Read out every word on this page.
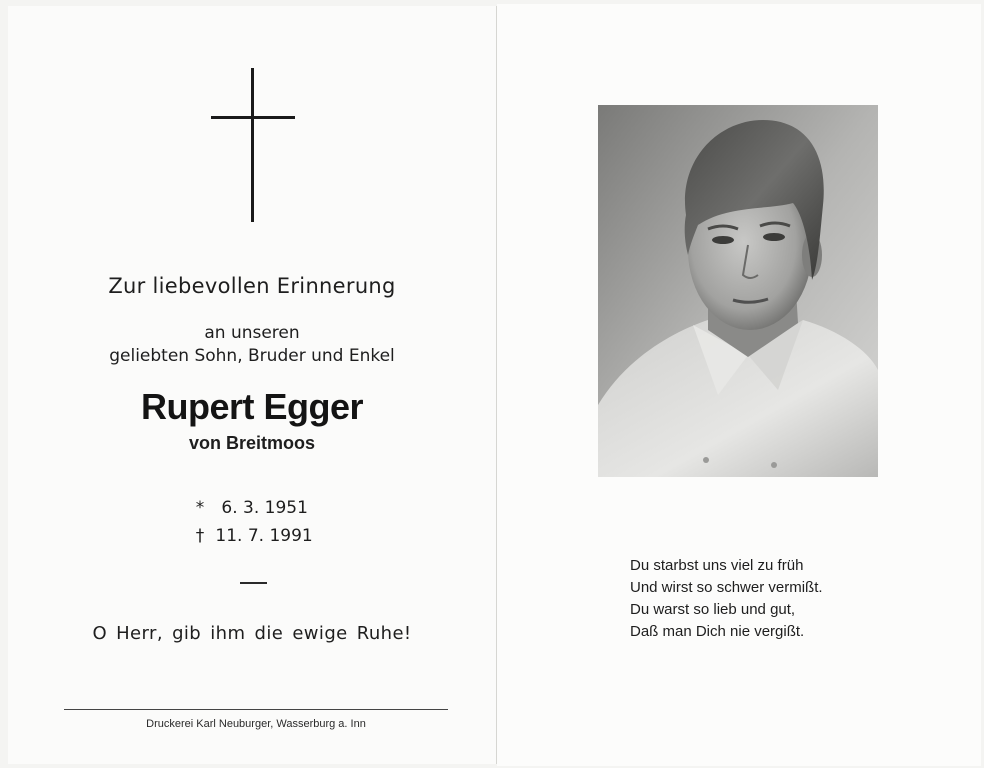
Zur liebevollen Erinnerung
an unseren
geliebten Sohn, Bruder und Enkel
Rupert Egger
von Breitmoos
* 6. 3. 1951
† 11. 7. 1991
O Herr, gib ihm die ewige Ruhe!
Druckerei Karl Neuburger, Wasserburg a. Inn
Du starbst uns viel zu früh
Und wirst so schwer vermißt.
Du warst so lieb und gut,
Daß man Dich nie vergißt.
